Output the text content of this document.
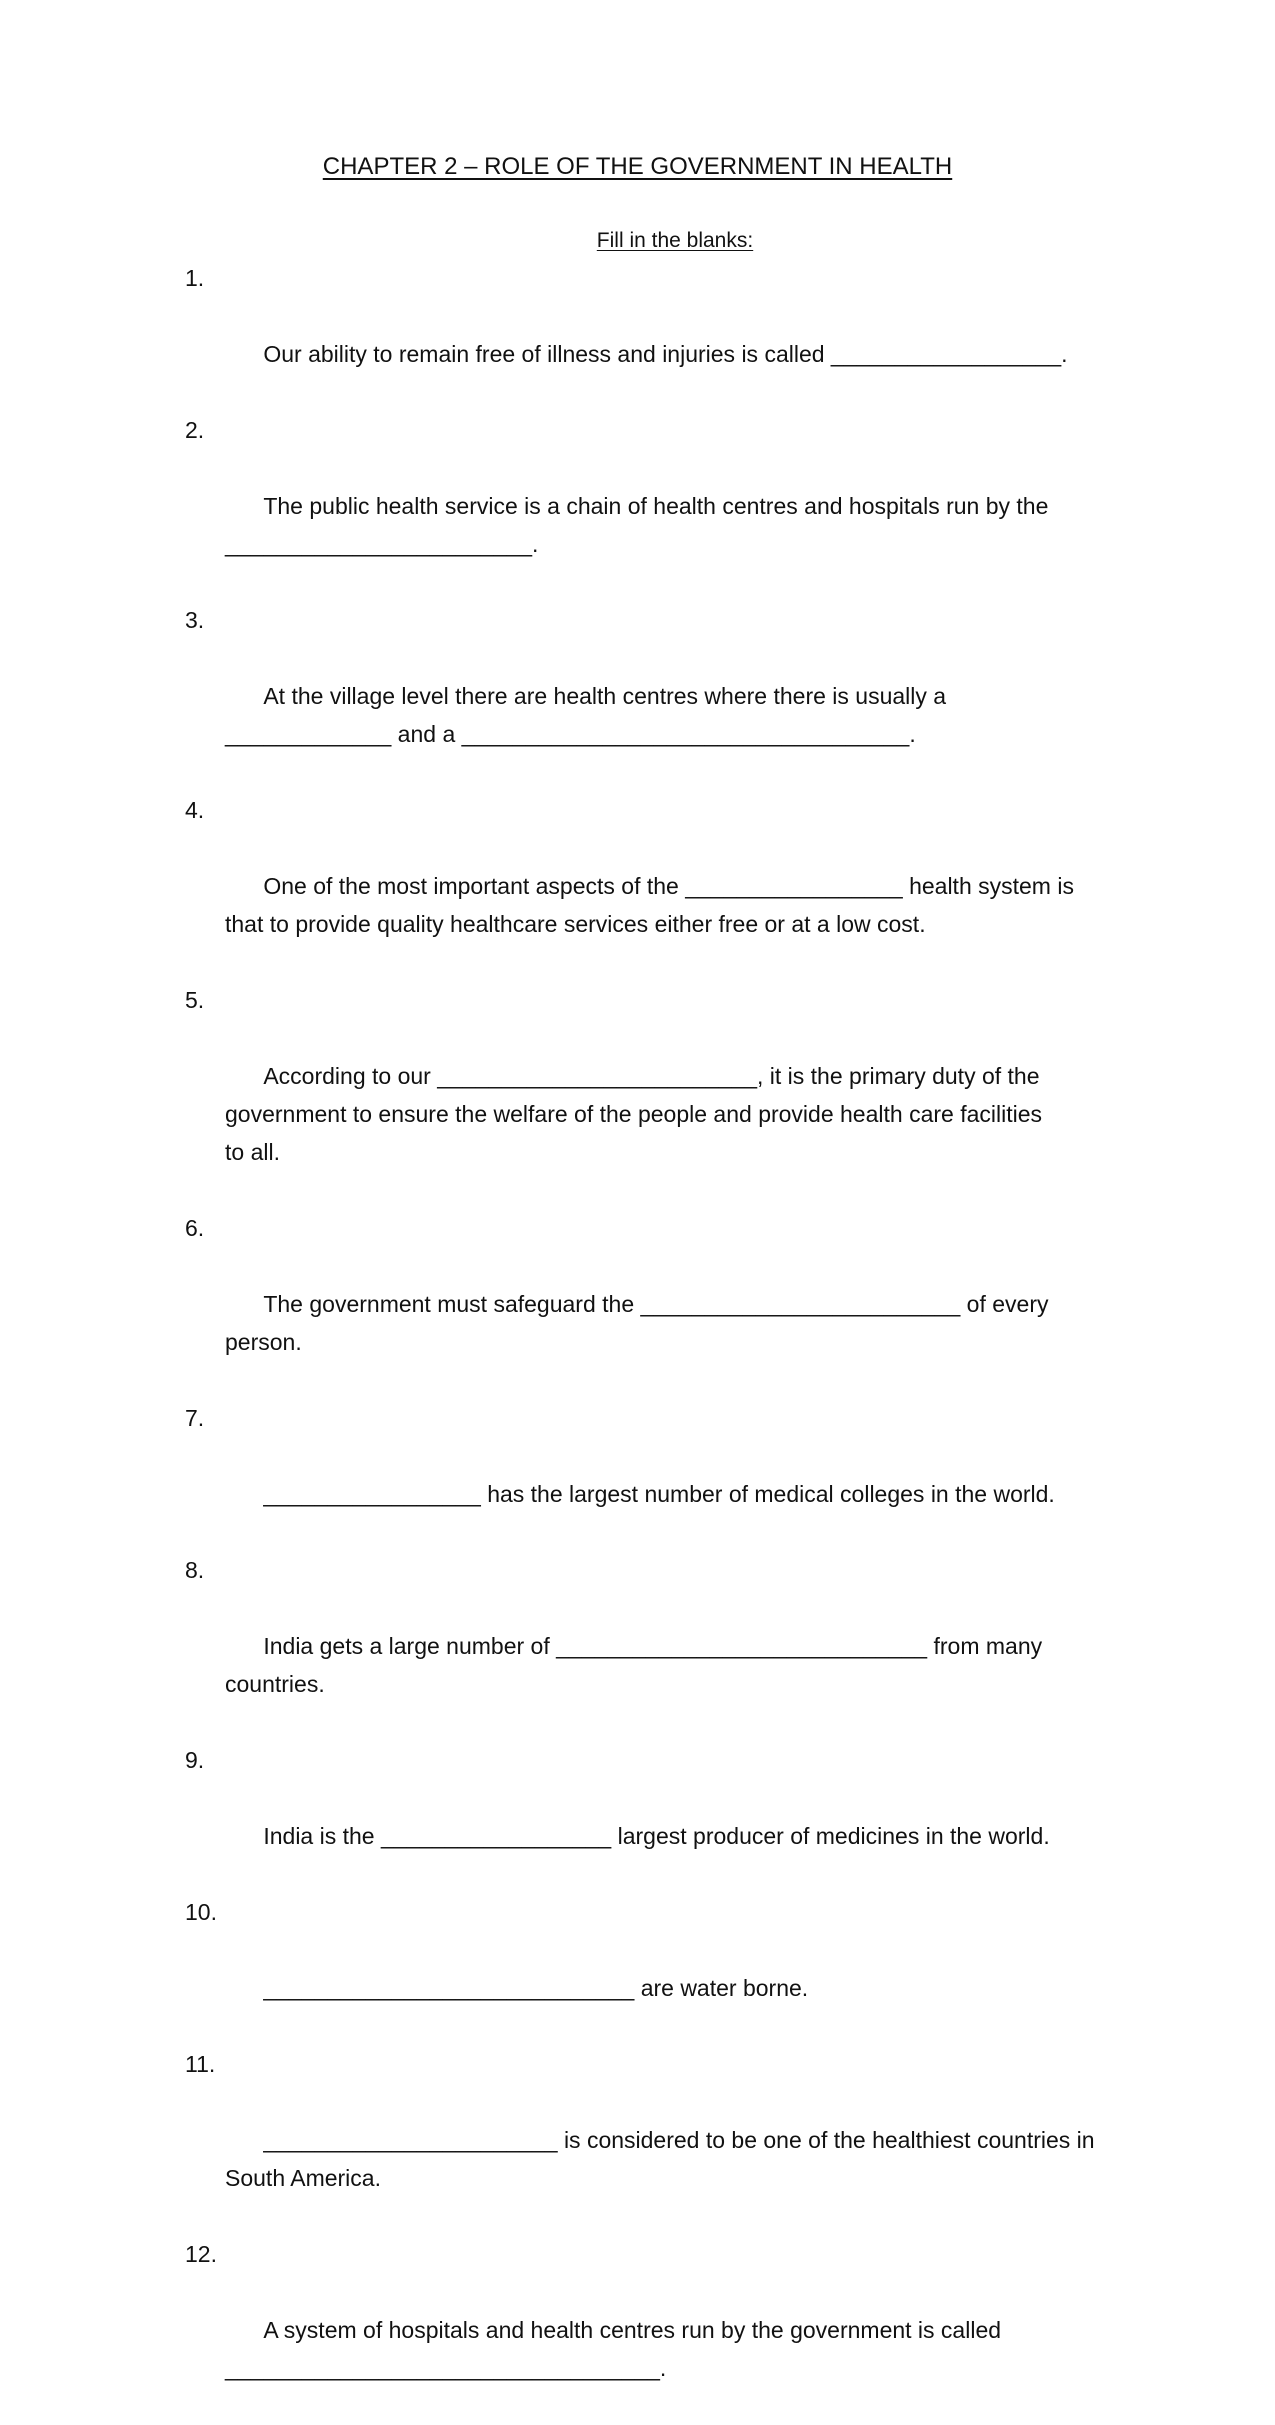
CHAPTER 2 – ROLE OF THE GOVERNMENT IN HEALTH
Fill in the blanks:

1.

Our ability to remain free of illness and injuries is called __________________.

2.

The public health service is a chain of health centres and hospitals run by the
________________________.

3.

At the village level there are health centres where there is usually a
_____________ and a ___________________________________.

4.

One of the most important aspects of the _________________ health system is
that to provide quality healthcare services either free or at a low cost.

5.

According to our _________________________, it is the primary duty of the
government to ensure the welfare of the people and provide health care facilities
to all.

6.

The government must safeguard the _________________________ of every
person.

7.

_________________ has the largest number of medical colleges in the world.

8.

India gets a large number of _____________________________ from many
countries.

9.

India is the __________________ largest producer of medicines in the world.

10.

_____________________________ are water borne.

11.

_______________________ is considered to be one of the healthiest countries in
South America.

12.

A system of hospitals and health centres run by the government is called
__________________________________.
